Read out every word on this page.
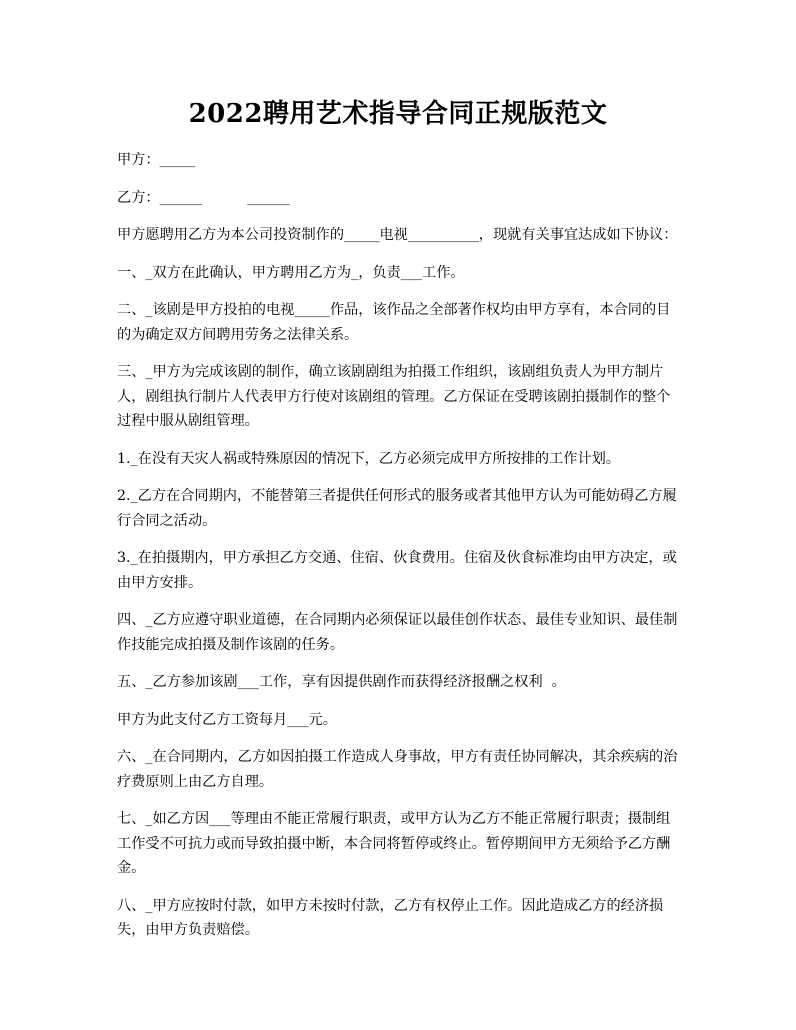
2022聘用艺术指导合同正规版范文

甲方：_____

乙方：______          ______

甲方愿聘用乙方为本公司投资制作的_____电视__________，现就有关事宜达成如下协议：

一、_双方在此确认，甲方聘用乙方为_，负责___工作。

二、_该剧是甲方投拍的电视_____作品，该作品之全部著作权均由甲方享有，本合同的目的为确定双方间聘用劳务之法律关系。

三、_甲方为完成该剧的制作，确立该剧剧组为拍摄工作组织，该剧组负责人为甲方制片人，剧组执行制片人代表甲方行使对该剧组的管理。乙方保证在受聘该剧拍摄制作的整个过程中服从剧组管理。

1._在没有天灾人祸或特殊原因的情况下，乙方必须完成甲方所按排的工作计划。

2._乙方在合同期内，不能替第三者提供任何形式的服务或者其他甲方认为可能妨碍乙方履行合同之活动。

3._在拍摄期内，甲方承担乙方交通、住宿、伙食费用。住宿及伙食标准均由甲方决定，或由甲方安排。

四、_乙方应遵守职业道德，在合同期内必须保证以最佳创作状态、最佳专业知识、最佳制作技能完成拍摄及制作该剧的任务。

五、_乙方参加该剧___工作，享有因提供剧作而获得经济报酬之权利  。

甲方为此支付乙方工资每月___元。

六、_在合同期内，乙方如因拍摄工作造成人身事故，甲方有责任协同解决，其余疾病的治疗费原则上由乙方自理。

七、_如乙方因___等理由不能正常履行职责，或甲方认为乙方不能正常履行职责；摄制组工作受不可抗力或而导致拍摄中断，本合同将暂停或终止。暂停期间甲方无须给予乙方酬金。

八、_甲方应按时付款，如甲方未按时付款，乙方有权停止工作。因此造成乙方的经济损失，由甲方负责赔偿。
